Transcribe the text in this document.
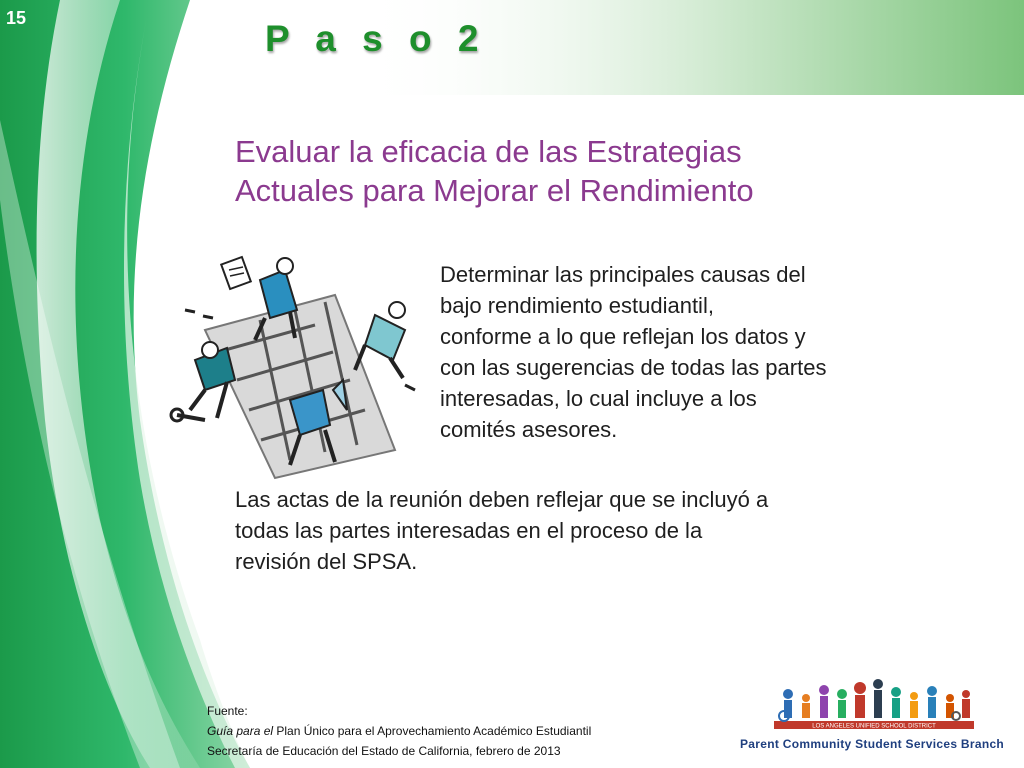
15	P a s o 2
Evaluar la eficacia de las Estrategias
Actuales para Mejorar el Rendimiento
Determinar las principales causas del
bajo rendimiento estudiantil,
conforme a lo que reflejan los datos y
con las sugerencias de todas las partes
interesadas, lo cual incluye a los
comités asesores.
Las actas de la reunión deben reflejar que se incluyó a
todas las partes interesadas en el proceso de la
revisión del SPSA.
Fuente:
Guía para el Plan Único para el Aprovechamiento Académico Estudiantil
Secretaría de Educación del Estado de California, febrero de 2013
LOS ANGELES UNIFIED SCHOOL DISTRICT
Parent Community Student Services Branch
